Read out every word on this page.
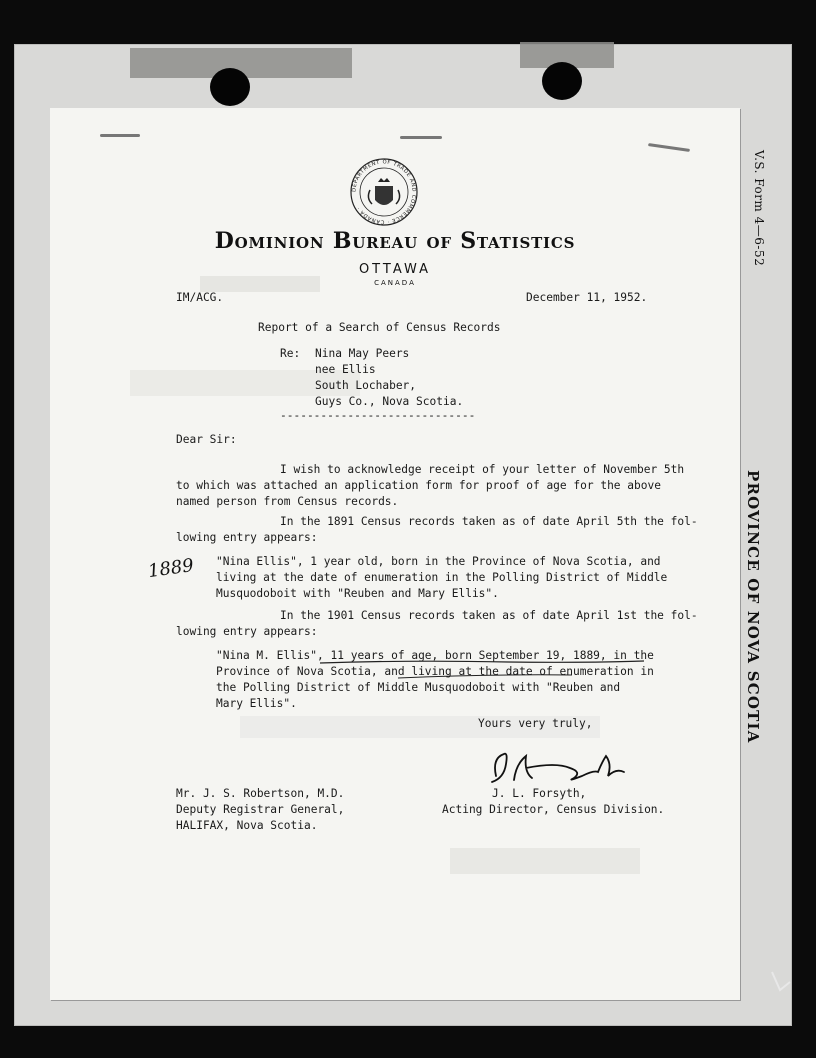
V.S. Form 4—6-52
PROVINCE OF NOVA SCOTIA
DEPARTMENT OF TRADE AND COMMERCE · CANADA ·
Dominion Bureau of Statistics
OTTAWA
CANADA
IM/ACG.	December 11, 1952.
Report of a Search of Census Records
Re: Nina May Peers
nee Ellis
South Lochaber,
Guys Co., Nova Scotia.
-----------------------------
Dear Sir:
I wish to acknowledge receipt of your letter of November 5th
to which was attached an application form for proof of age for the above
named person from Census records.
In the 1891 Census records taken as of date April 5th the fol-
lowing entry appears:
1889 "Nina Ellis", 1 year old, born in the Province of Nova Scotia, and
living at the date of enumeration in the Polling District of Middle
Musquodoboit with "Reuben and Mary Ellis".
In the 1901 Census records taken as of date April 1st the fol-
lowing entry appears:
"Nina M. Ellis", 11 years of age, born September 19, 1889, in the
Province of Nova Scotia, and living at the date of enumeration in
the Polling District of Middle Musquodoboit with "Reuben and
Mary Ellis".
Yours very truly,
J. L. Forsyth,
Acting Director, Census Division.
Mr. J. S. Robertson, M.D.
Deputy Registrar General,
HALIFAX, Nova Scotia.
